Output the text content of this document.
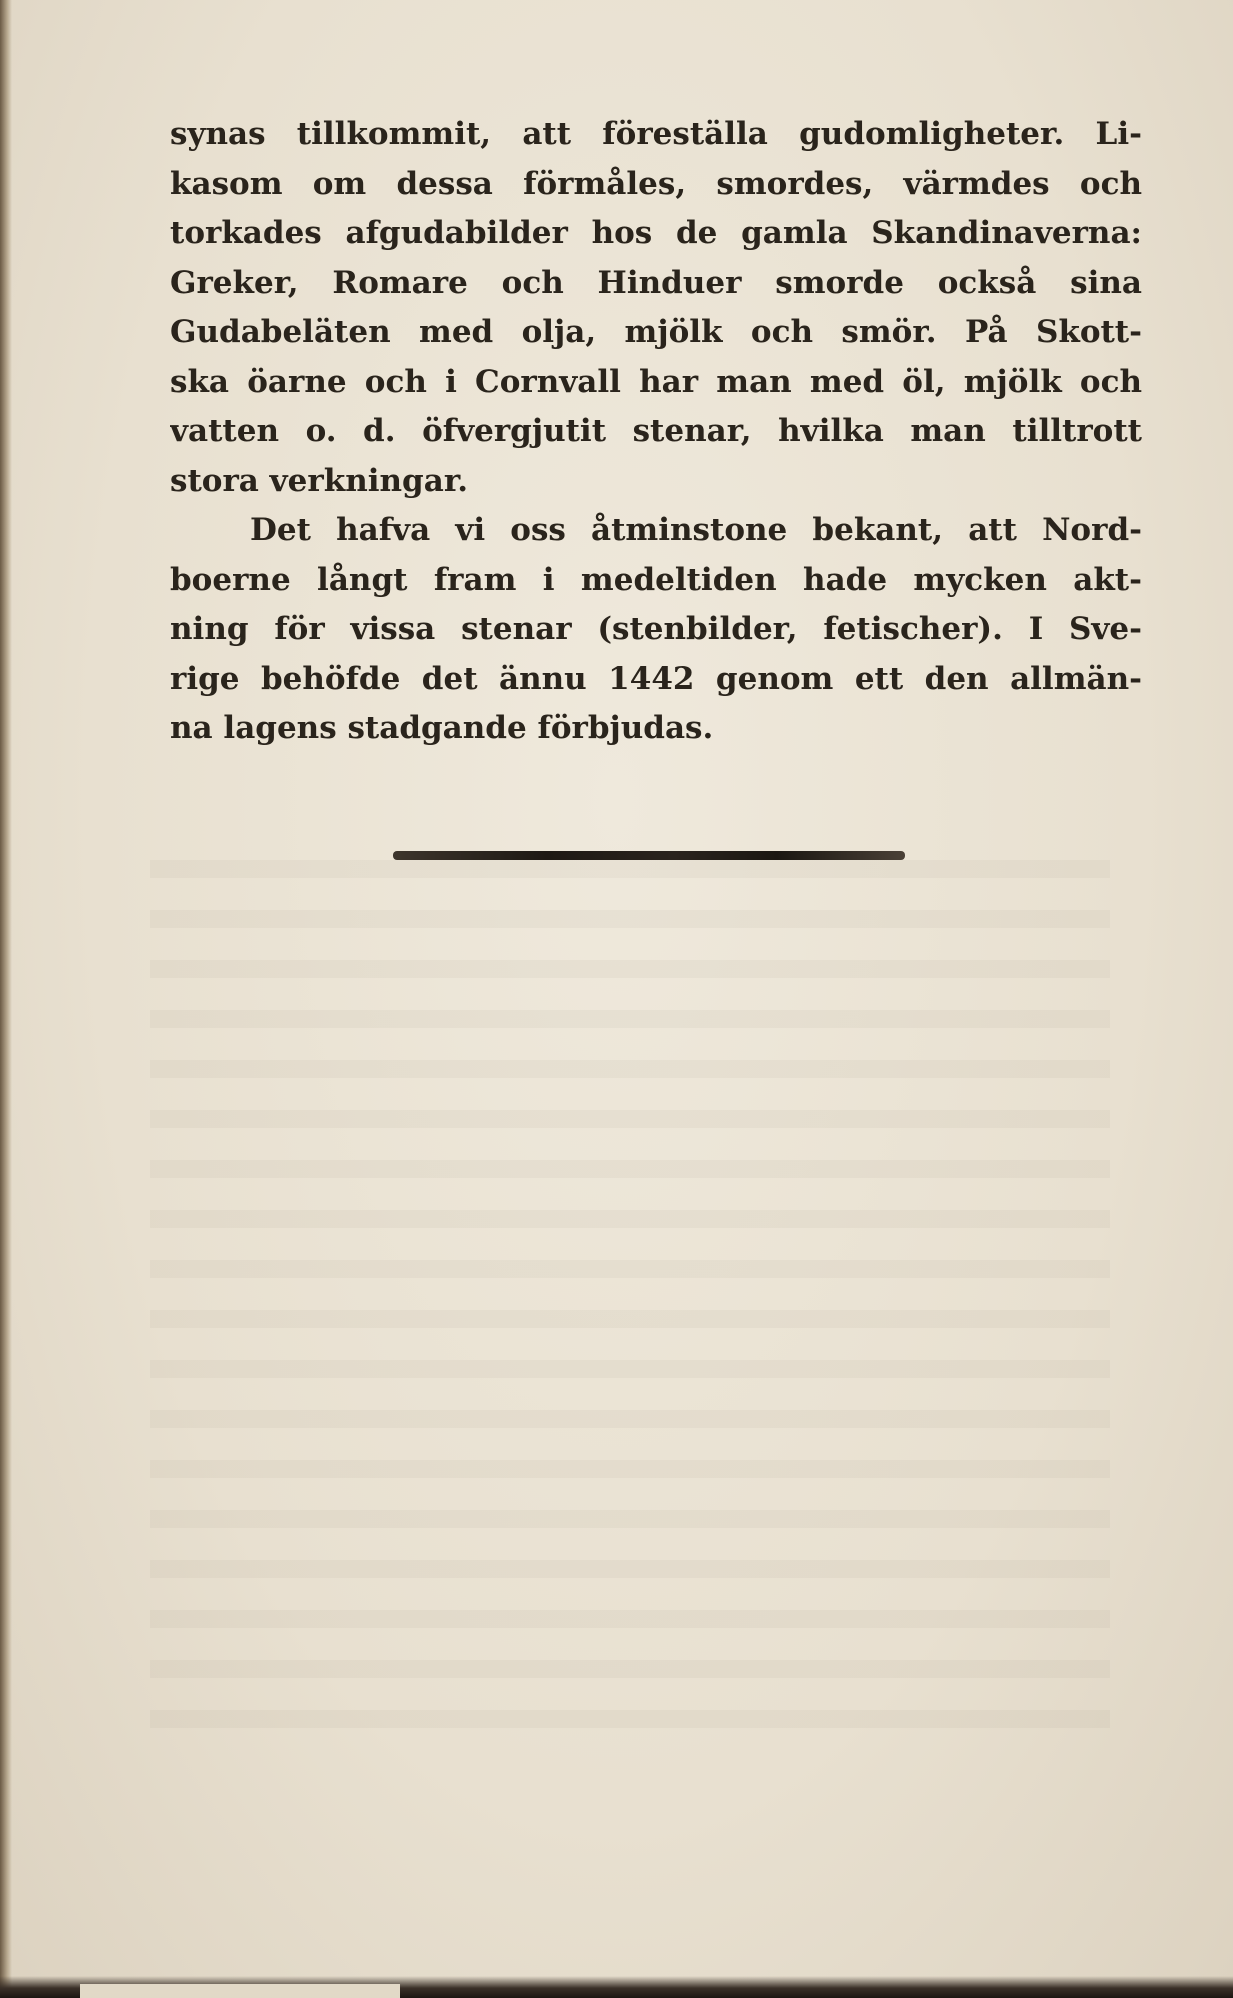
synas tillkommit, att föreställa gudomligheter. Li-
kasom om dessa förmåles, smordes, värmdes och
torkades afgudabilder hos de gamla Skandinaverna:
Greker, Romare och Hinduer smorde också sina
Gudabeläten med olja, mjölk och smör. På Skott-
ska öarne och i Cornvall har man med öl, mjölk och
vatten o. d. öfvergjutit stenar, hvilka man tilltrott
stora verkningar.
Det hafva vi oss åtminstone bekant, att Nord-
boerne långt fram i medeltiden hade mycken akt-
ning för vissa stenar (stenbilder, fetischer). I Sve-
rige behöfde det ännu 1442 genom ett den allmän-
na lagens stadgande förbjudas.
